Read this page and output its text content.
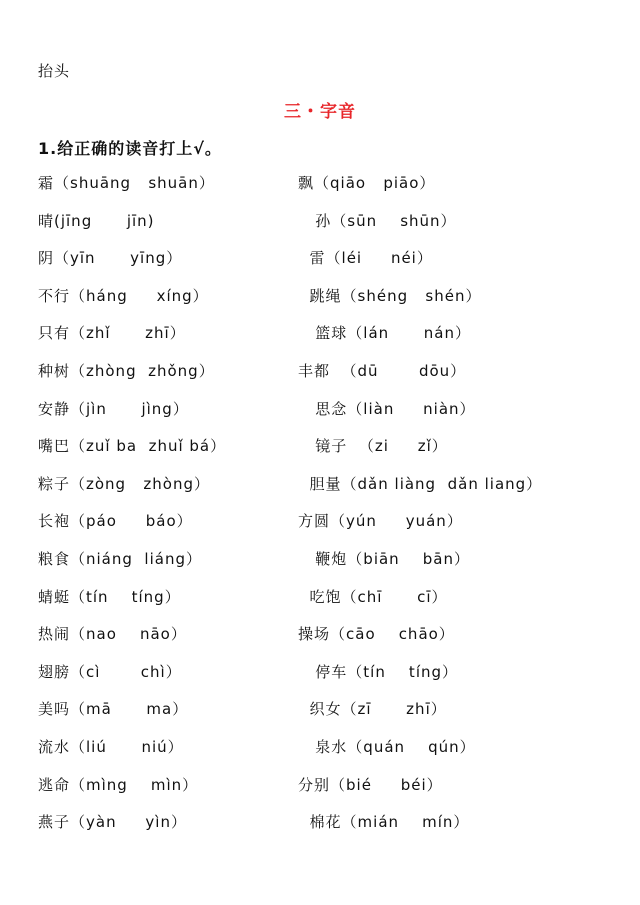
抬头
三・字音
1.给正确的读音打上√。
霜（shuāng   shuān）	飘（qiāo   piāo）
晴(jīng      jīn)	孙（sūn    shūn）
阴（yīn      yīng）	雷（léi     néi）
不行（háng     xíng）	跳绳（shéng   shén）
只有（zhǐ      zhī）	篮球（lán      nán）
种树（zhòng  zhǒng）	丰都  （dū       dōu）
安静（jìn      jìng）	思念（liàn     niàn）
嘴巴（zuǐ ba  zhuǐ bá）	镜子  （zi     zǐ）
粽子（zòng   zhòng）	胆量（dǎn liàng  dǎn liang）
长袍（páo     báo）	方圆（yún     yuán）
粮食（niáng  liáng）	鞭炮（biān    bān）
蜻蜓（tín    tíng）	吃饱（chī      cī）
热闹（nao    nāo）	操场（cāo    chāo）
翅膀（cì       chì）	停车（tín    tíng）
美吗（mā      ma）	织女（zī      zhī）
流水（liú      niú）	泉水（quán    qún）
逃命（mìng    mìn）	分别（bié     béi）
燕子（yàn     yìn）	棉花（mián    mín）
